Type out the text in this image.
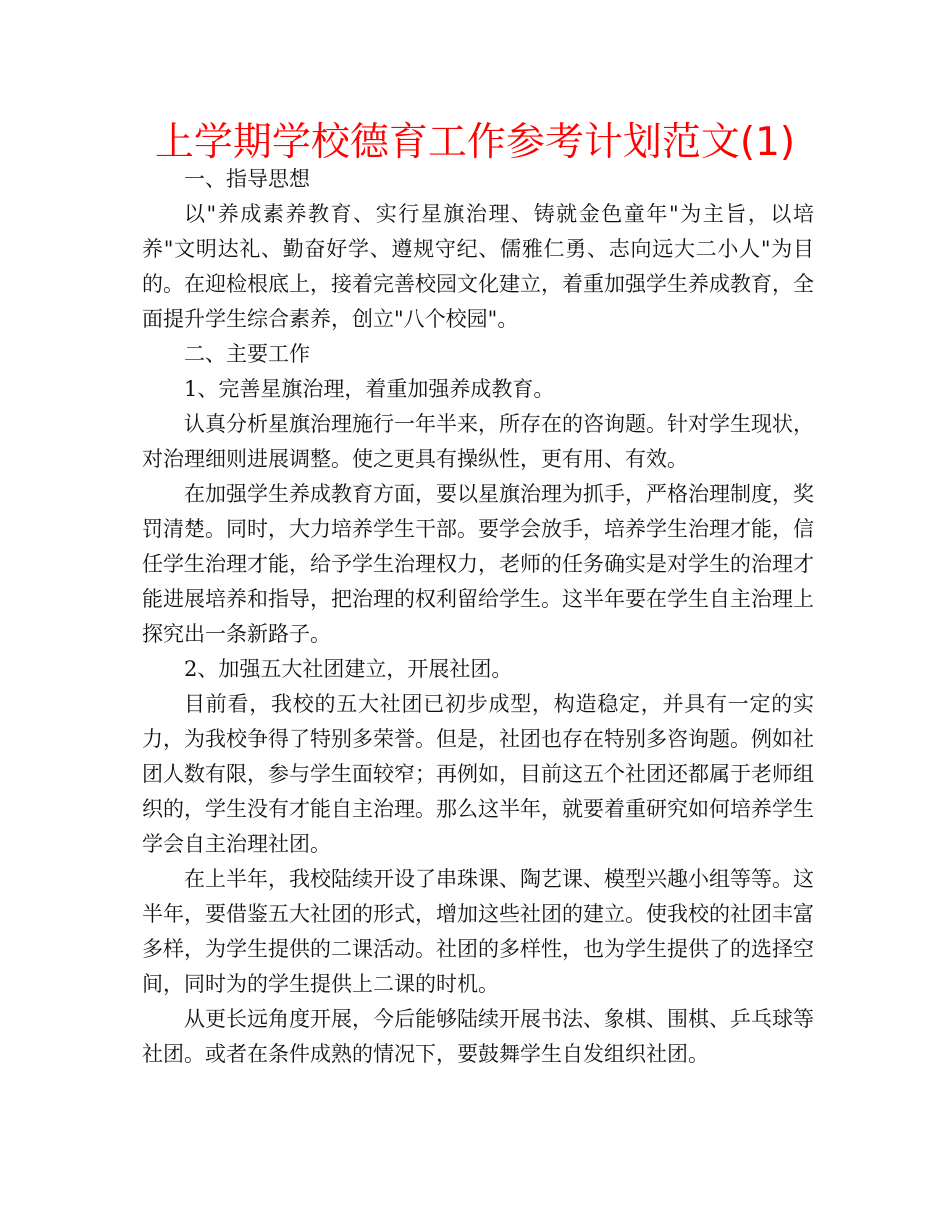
上学期学校德育工作参考计划范文(1)

一、指导思想

以"养成素养教育、实行星旗治理、铸就金色童年"为主旨，以培养"文明达礼、勤奋好学、遵规守纪、儒雅仁勇、志向远大二小人"为目的。在迎检根底上，接着完善校园文化建立，着重加强学生养成教育，全面提升学生综合素养，创立"八个校园"。

二、主要工作

1、完善星旗治理，着重加强养成教育。

认真分析星旗治理施行一年半来，所存在的咨询题。针对学生现状，对治理细则进展调整。使之更具有操纵性，更有用、有效。

在加强学生养成教育方面，要以星旗治理为抓手，严格治理制度，奖罚清楚。同时，大力培养学生干部。要学会放手，培养学生治理才能，信任学生治理才能，给予学生治理权力，老师的任务确实是对学生的治理才能进展培养和指导，把治理的权利留给学生。这半年要在学生自主治理上探究出一条新路子。

2、加强五大社团建立，开展社团。

目前看，我校的五大社团已初步成型，构造稳定，并具有一定的实力，为我校争得了特别多荣誉。但是，社团也存在特别多咨询题。例如社团人数有限，参与学生面较窄；再例如，目前这五个社团还都属于老师组织的，学生没有才能自主治理。那么这半年，就要着重研究如何培养学生学会自主治理社团。

在上半年，我校陆续开设了串珠课、陶艺课、模型兴趣小组等等。这半年，要借鉴五大社团的形式，增加这些社团的建立。使我校的社团丰富多样，为学生提供的二课活动。社团的多样性，也为学生提供了的选择空间，同时为的学生提供上二课的时机。

从更长远角度开展，今后能够陆续开展书法、象棋、围棋、乒乓球等社团。或者在条件成熟的情况下，要鼓舞学生自发组织社团。
